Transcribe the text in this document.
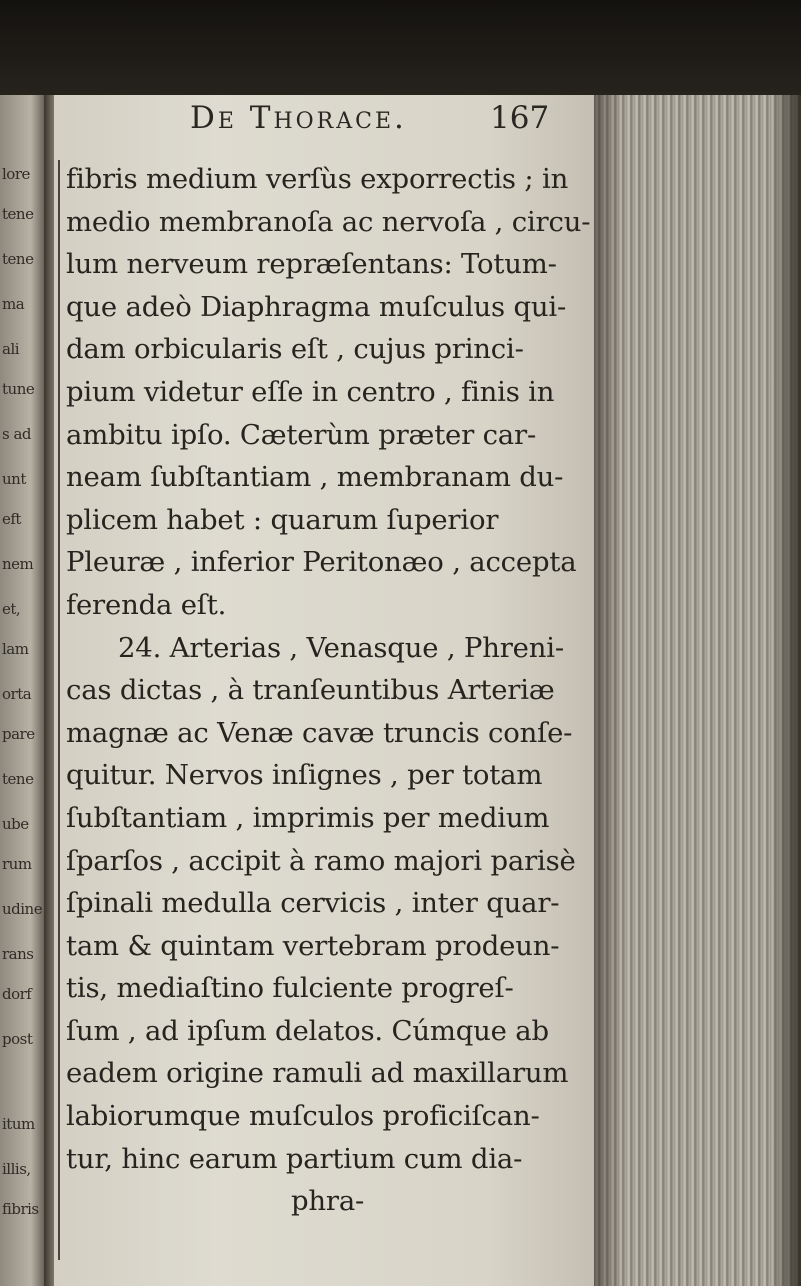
lore
tene
tene
ma
ali
tune
s ad
unt
eft
nem
et,
lam
orta
pare
tene
ube
rum
udine
rans
dorf
post
itum
illis,
fibris
De Thorace.	167
fibris medium verſùs exporrectis ; in
medio membranoſa ac nervoſa , circu-
lum nerveum repræſentans: Totum-
que adeò Diaphragma muſculus qui-
dam orbicularis eſt , cujus princi-
pium videtur eſſe in centro , finis in
ambitu ipſo. Cæterùm præter car-
neam ſubſtantiam , membranam du-
plicem habet : quarum ſuperior
Pleuræ , inferior Peritonæo , accepta
ferenda eſt.
24. Arterias , Venasque , Phreni-
cas dictas , à tranſeuntibus Arteriæ
magnæ ac Venæ cavæ truncis conſe-
quitur. Nervos inſignes , per totam
ſubſtantiam , imprimis per medium
ſparſos , accipit à ramo majori parisè
ſpinali medulla cervicis , inter quar-
tam & quintam vertebram prodeun-
tis, mediaſtino fulciente progreſ-
ſum , ad ipſum delatos. Cúmque ab
eadem origine ramuli ad maxillarum
labiorumque muſculos proficiſcan-
tur, hinc earum partium cum dia-
phra-
